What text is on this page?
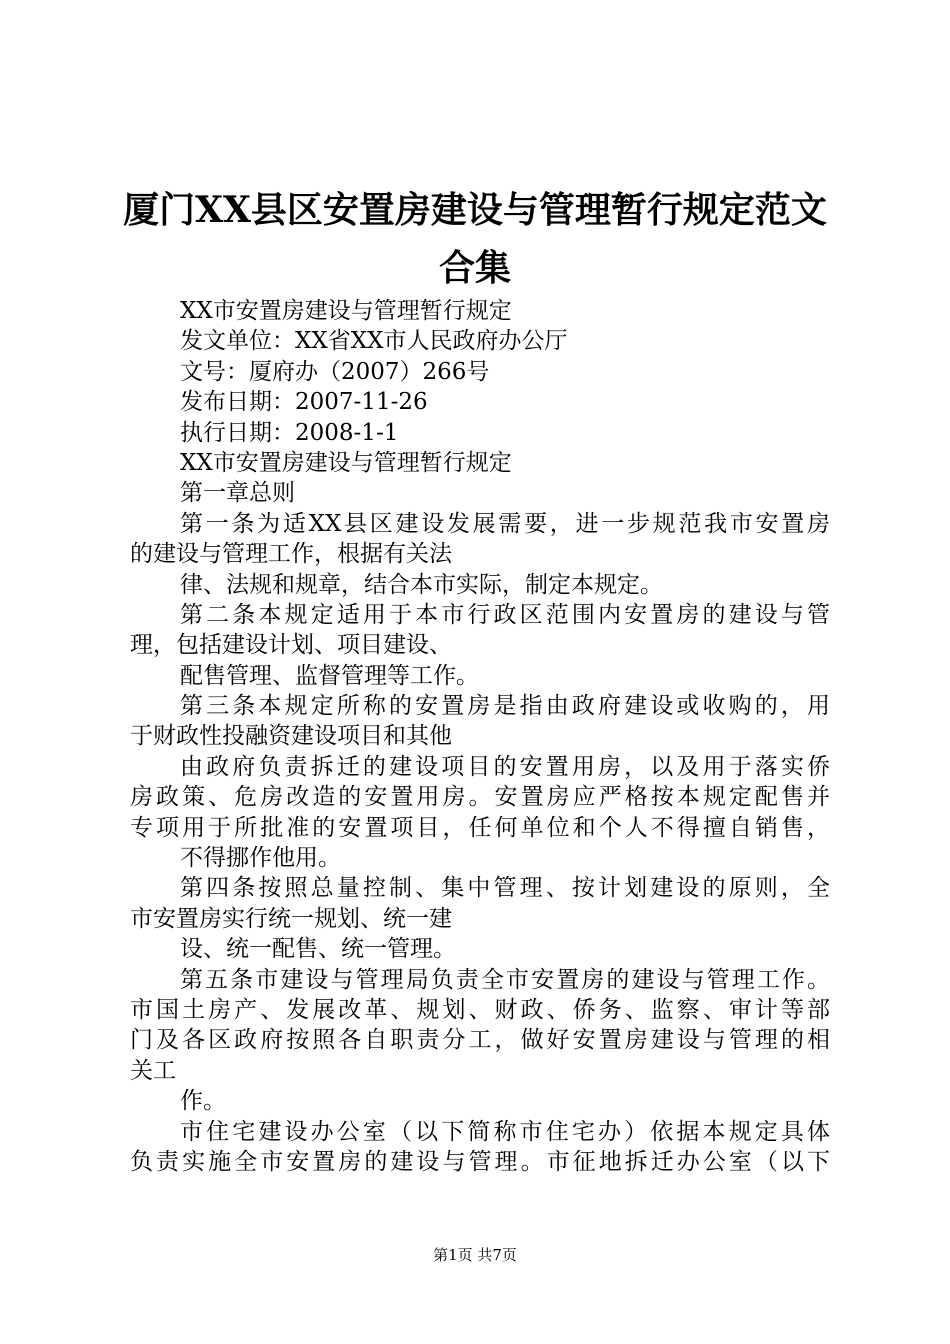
厦门XX县区安置房建设与管理暂行规定范文
合集
XX市安置房建设与管理暂行规定
发文单位：XX省XX市人民政府办公厅
文号：厦府办（2007）266号
发布日期：2007-11-26
执行日期：2008-1-1
XX市安置房建设与管理暂行规定
第一章总则
第一条为适XX县区建设发展需要，进一步规范我市安置房
的建设与管理工作，根据有关法
律、法规和规章，结合本市实际，制定本规定。
第二条本规定适用于本市行政区范围内安置房的建设与管
理，包括建设计划、项目建设、
配售管理、监督管理等工作。
第三条本规定所称的安置房是指由政府建设或收购的，用
于财政性投融资建设项目和其他
由政府负责拆迁的建设项目的安置用房，以及用于落实侨
房政策、危房改造的安置用房。安置房应严格按本规定配售并
专项用于所批准的安置项目，任何单位和个人不得擅自销售，
不得挪作他用。
第四条按照总量控制、集中管理、按计划建设的原则，全
市安置房实行统一规划、统一建
设、统一配售、统一管理。
第五条市建设与管理局负责全市安置房的建设与管理工作。
市国土房产、发展改革、规划、财政、侨务、监察、审计等部
门及各区政府按照各自职责分工，做好安置房建设与管理的相
关工
作。
市住宅建设办公室（以下简称市住宅办）依据本规定具体
负责实施全市安置房的建设与管理。市征地拆迁办公室（以下
第1页 共7页
